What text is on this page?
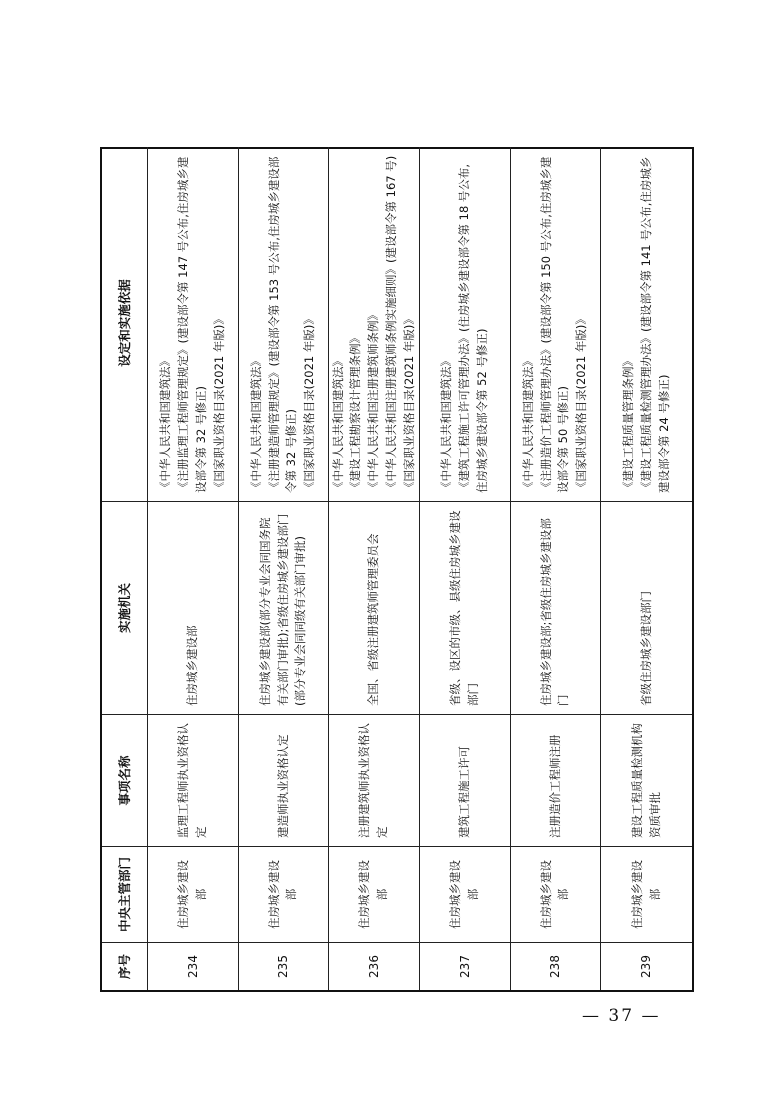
序号
中央主管部门
事项名称
实施机关
设定和实施依据
234
住房城乡建设部
监理工程师执业资格认定
住房城乡建设部
《中华人民共和国建筑法》 《注册监理工程师管理规定》(建设部令第 147 号公布,住房城乡建设部令第 32 号修正) 《国家职业资格目录(2021 年版)》
235
住房城乡建设部
建造师执业资格认定
住房城乡建设部(部分专业会同国务院有关部门审批);省级住房城乡建设部门(部分专业会同同级有关部门审批)
《中华人民共和国建筑法》 《注册建造师管理规定》(建设部令第 153 号公布,住房城乡建设部令第 32 号修正) 《国家职业资格目录(2021 年版)》
236
住房城乡建设部
注册建筑师执业资格认定
全国、省级注册建筑师管理委员会
《中华人民共和国建筑法》 《建设工程勘察设计管理条例》 《中华人民共和国注册建筑师条例》 《中华人民共和国注册建筑师条例实施细则》(建设部令第 167 号) 《国家职业资格目录(2021 年版)》
237
住房城乡建设部
建筑工程施工许可
省级、设区的市级、县级住房城乡建设部门
《中华人民共和国建筑法》 《建筑工程施工许可管理办法》(住房城乡建设部令第 18 号公布,住房城乡建设部令第 52 号修正)
238
住房城乡建设部
注册造价工程师注册
住房城乡建设部;省级住房城乡建设部门
《中华人民共和国建筑法》 《注册造价工程师管理办法》(建设部令第 150 号公布,住房城乡建设部令第 50 号修正) 《国家职业资格目录(2021 年版)》
239
住房城乡建设部
建设工程质量检测机构资质审批
省级住房城乡建设部门
《建设工程质量管理条例》 《建设工程质量检测管理办法》(建设部令第 141 号公布,住房城乡建设部令第 24 号修正)
— 37 —
